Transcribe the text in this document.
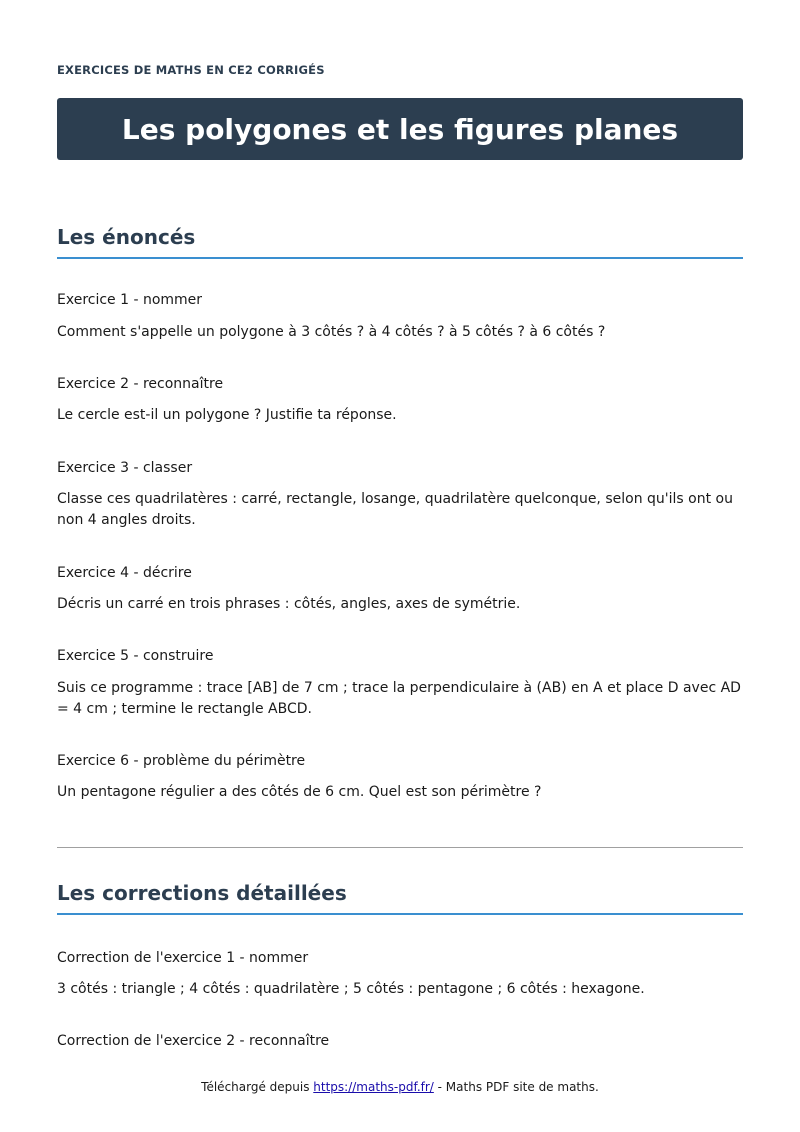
EXERCICES DE MATHS EN CE2 CORRIGÉS
Les polygones et les figures planes
Les énoncés
Exercice 1 - nommer
Comment s'appelle un polygone à 3 côtés ? à 4 côtés ? à 5 côtés ? à 6 côtés ?
Exercice 2 - reconnaître
Le cercle est-il un polygone ? Justifie ta réponse.
Exercice 3 - classer
Classe ces quadrilatères : carré, rectangle, losange, quadrilatère quelconque, selon qu'ils ont ou non 4 angles droits.
Exercice 4 - décrire
Décris un carré en trois phrases : côtés, angles, axes de symétrie.
Exercice 5 - construire
Suis ce programme : trace [AB] de 7 cm ; trace la perpendiculaire à (AB) en A et place D avec AD = 4 cm ; termine le rectangle ABCD.
Exercice 6 - problème du périmètre
Un pentagone régulier a des côtés de 6 cm. Quel est son périmètre ?
Les corrections détaillées
Correction de l'exercice 1 - nommer
3 côtés : triangle ; 4 côtés : quadrilatère ; 5 côtés : pentagone ; 6 côtés : hexagone.
Correction de l'exercice 2 - reconnaître
Téléchargé depuis https://maths-pdf.fr/ - Maths PDF site de maths.
